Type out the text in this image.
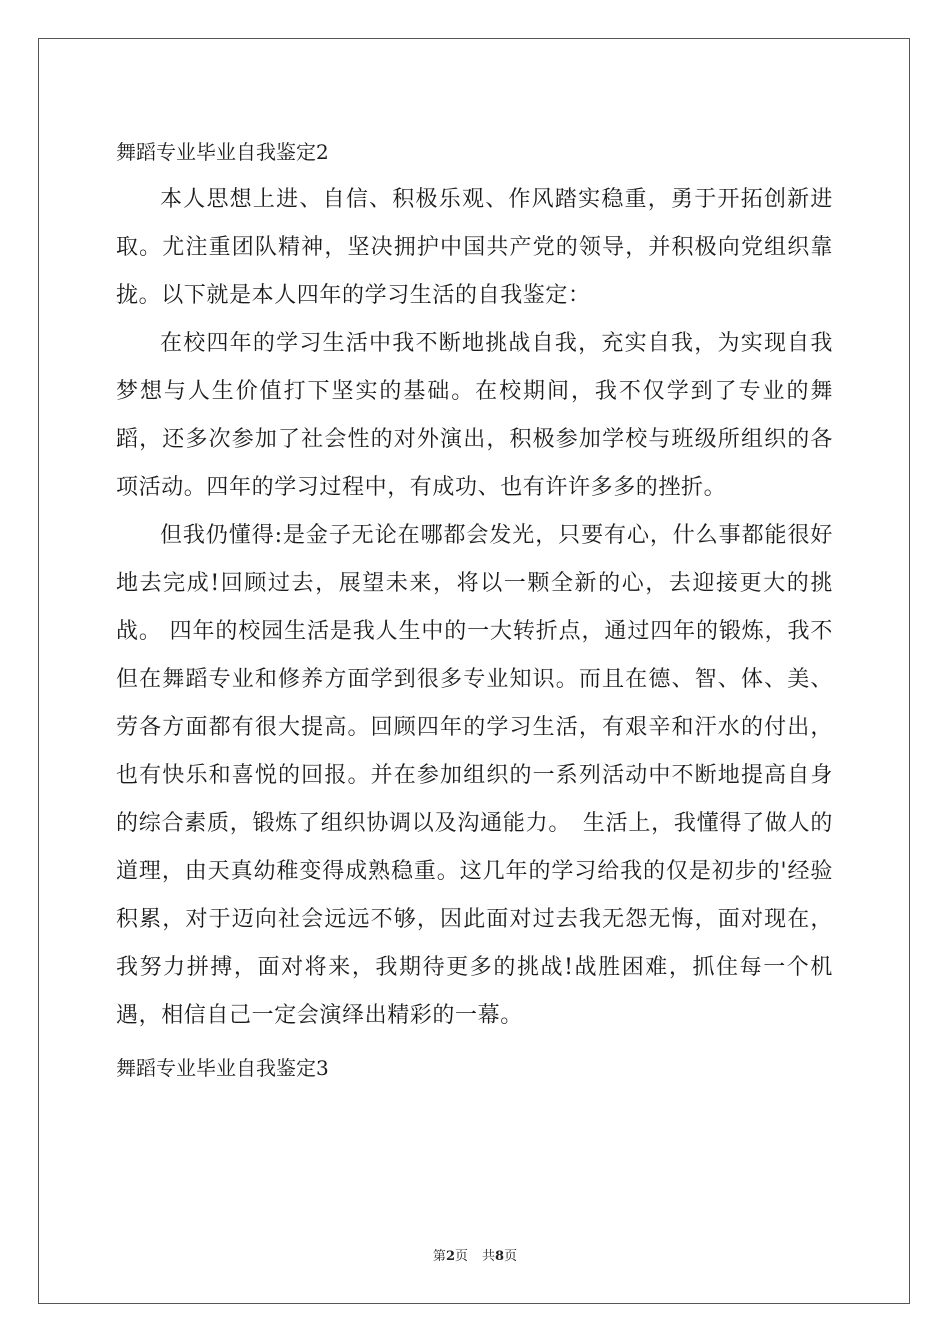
舞蹈专业毕业自我鉴定2

本人思想上进、自信、积极乐观、作风踏实稳重，勇于开拓创新进取。尤注重团队精神，坚决拥护中国共产党的领导，并积极向党组织靠拢。以下就是本人四年的学习生活的自我鉴定：

在校四年的学习生活中我不断地挑战自我，充实自我，为实现自我梦想与人生价值打下坚实的基础。在校期间，我不仅学到了专业的舞蹈，还多次参加了社会性的对外演出，积极参加学校与班级所组织的各项活动。四年的学习过程中，有成功、也有许许多多的挫折。

但我仍懂得:是金子无论在哪都会发光，只要有心，什么事都能很好地去完成!回顾过去，展望未来，将以一颗全新的心，去迎接更大的挑战。 四年的校园生活是我人生中的一大转折点，通过四年的锻炼，我不但在舞蹈专业和修养方面学到很多专业知识。而且在德、智、体、美、劳各方面都有很大提高。回顾四年的学习生活，有艰辛和汗水的付出，也有快乐和喜悦的回报。并在参加组织的一系列活动中不断地提高自身的综合素质，锻炼了组织协调以及沟通能力。　生活上，我懂得了做人的道理，由天真幼稚变得成熟稳重。这几年的学习给我的仅是初步的'经验积累，对于迈向社会远远不够，因此面对过去我无怨无悔，面对现在，我努力拼搏，面对将来，我期待更多的挑战!战胜困难，抓住每一个机遇，相信自己一定会演绎出精彩的一幕。

舞蹈专业毕业自我鉴定3
第2页 共8页
